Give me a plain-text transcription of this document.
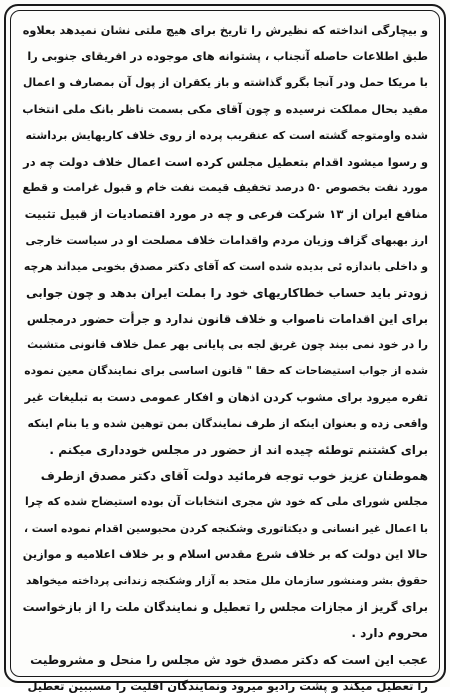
و بیچارگی انداخته که نظیرش را تاریخ برای هیچ ملتی نشان نمیدهد بعلاوه
طبق اطلاعات حاصله آنجناب ، پشتوانه های موجوده در افریقای جنوبی را
با مریکا حمل ودر آنجا بگرو گذاشته و باز یکقران از پول آن بمصارف و اعمال
مفید بحال مملکت نرسیده و چون آقای مکی بسمت ناظر بانک ملی انتخاب
شده واومتوجه گشته است که عنقریب پرده از روی خلاف کاریهایش برداشته
و رسوا میشود اقدام بتعطیل مجلس کرده است اعمال خلاف دولت چه در
مورد نفت بخصوص ۵۰ درصد تخفیف قیمت نفت خام و قبول غرامت و قطع
منافع ایران از ۱۳ شرکت فرعی و چه در مورد اقتصادیات از قبیل تثبیت
ارز بهبهای گزاف وزیان مردم واقدامات خلاف مصلحت او در سیاست خارجی
و داخلی باندازه ئی بدیده شده است که آقای دکتر مصدق بخوبی میداند هرچه
زودتر باید حساب خطاکاریهای خود را بملت ایران بدهد و چون جوابی
برای این اقدامات ناصواب و خلاف قانون ندارد و جرأت حضور درمجلس
را در خود نمی بیند چون غریق لجه بی پایانی بهر عمل خلاف قانونی متشبث
شده از جواب استیضاحات که حقا " قانون اساسی برای نمایندگان معین نموده
تفره میرود برای مشوب کردن اذهان و افکار عمومی دست به تبلیغات غیر
واقعی زده و بعنوان اینکه از طرف نمایندگان بمن توهین شده و یا بنام اینکه
برای کشتنم توطئه چیده اند از حضور در مجلس خودداری میکنم .
هموطنان عزیز خوب توجه فرمائید دولت آقای دکتر مصدق ازطرف
مجلس شورای ملی که خود ش مجری انتخابات آن بوده استیضاح شده که چرا
با اعمال غیر انسانی و دیکتاتوری وشکنجه کردن محبوسین اقدام نموده است ،
حالا این دولت که بر خلاف شرع مقدس اسلام و بر خلاف اعلامیه و موازین
حقوق بشر ومنشور سازمان ملل متحد به آزار وشکنجه زندانی پرداخته میخواهد
برای گریز از مجازات مجلس را تعطیل و نمایندگان ملت را از بازخواست
محروم دارد .
عجب این است که دکتر مصدق خود ش مجلس را منحل و مشروطیت
را تعطیل میکند و پشت رادیو میرود ونمایندگان اقلیت را مسببین تعطیل
